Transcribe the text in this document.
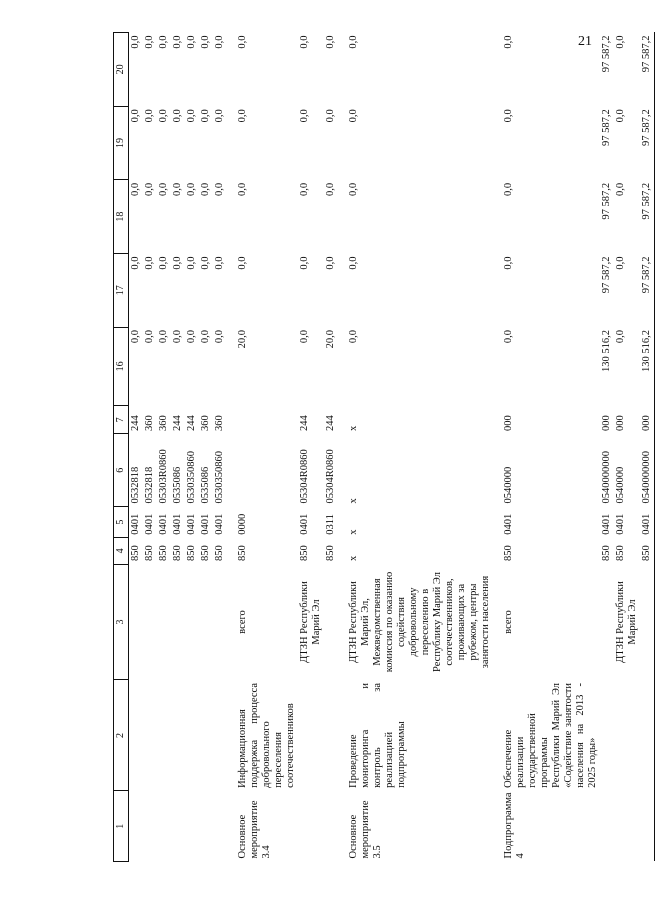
21
1	2	3	4	5	6	7	16	17	18	19	20
			850	0401	0532818	244	0,0	0,0	0,0	0,0	0,0
			850	0401	0532818	360	0,0	0,0	0,0	0,0	0,0
			850	0401	05303R0860	360	0,0	0,0	0,0	0,0	0,0
			850	0401	0535086	244	0,0	0,0	0,0	0,0	0,0
			850	0401	0530350860	244	0,0	0,0	0,0	0,0	0,0
			850	0401	0535086	360	0,0	0,0	0,0	0,0	0,0
			850	0401	0530350860	360	0,0	0,0	0,0	0,0	0,0
Основное мероприятие 3.4	Информационная поддержка процесса добровольного переселения соотечественников	всего	850	0000			20,0	0,0	0,0	0,0	0,0
		ДТЗН Республики Марий Эл	850	0401	05304R0860	244	0,0	0,0	0,0	0,0	0,0
			850	0311	05304R0860	244	20,0	0,0	0,0	0,0	0,0
Основное мероприятие 3.5	Проведение мониторинга и контроль за реализацией подпрограммы	ДТЗН Республики Марий Эл, Межведомственная комиссия по оказанию содействия добровольному переселению в Республику Марий Эл соотечественников, проживающих за рубежом, центры занятости населения	x	x	x	x	0,0	0,0	0,0	0,0	0,0
Подпрограмма 4	Обеспечение реализации государственной программы Республики Марий Эл «Содействие занятости населения на 2013 - 2025 годы»	всего	850	0401	0540000	000	0,0	0,0	0,0	0,0	0,0
			850	0401	0540000000	000	130 516,2	97 587,2	97 587,2	97 587,2	97 587,2
		ДТЗН Республики Марий Эл	850	0401	0540000	000	0,0	0,0	0,0	0,0	0,0
			850	0401	0540000000	000	130 516,2	97 587,2	97 587,2	97 587,2	97 587,2
